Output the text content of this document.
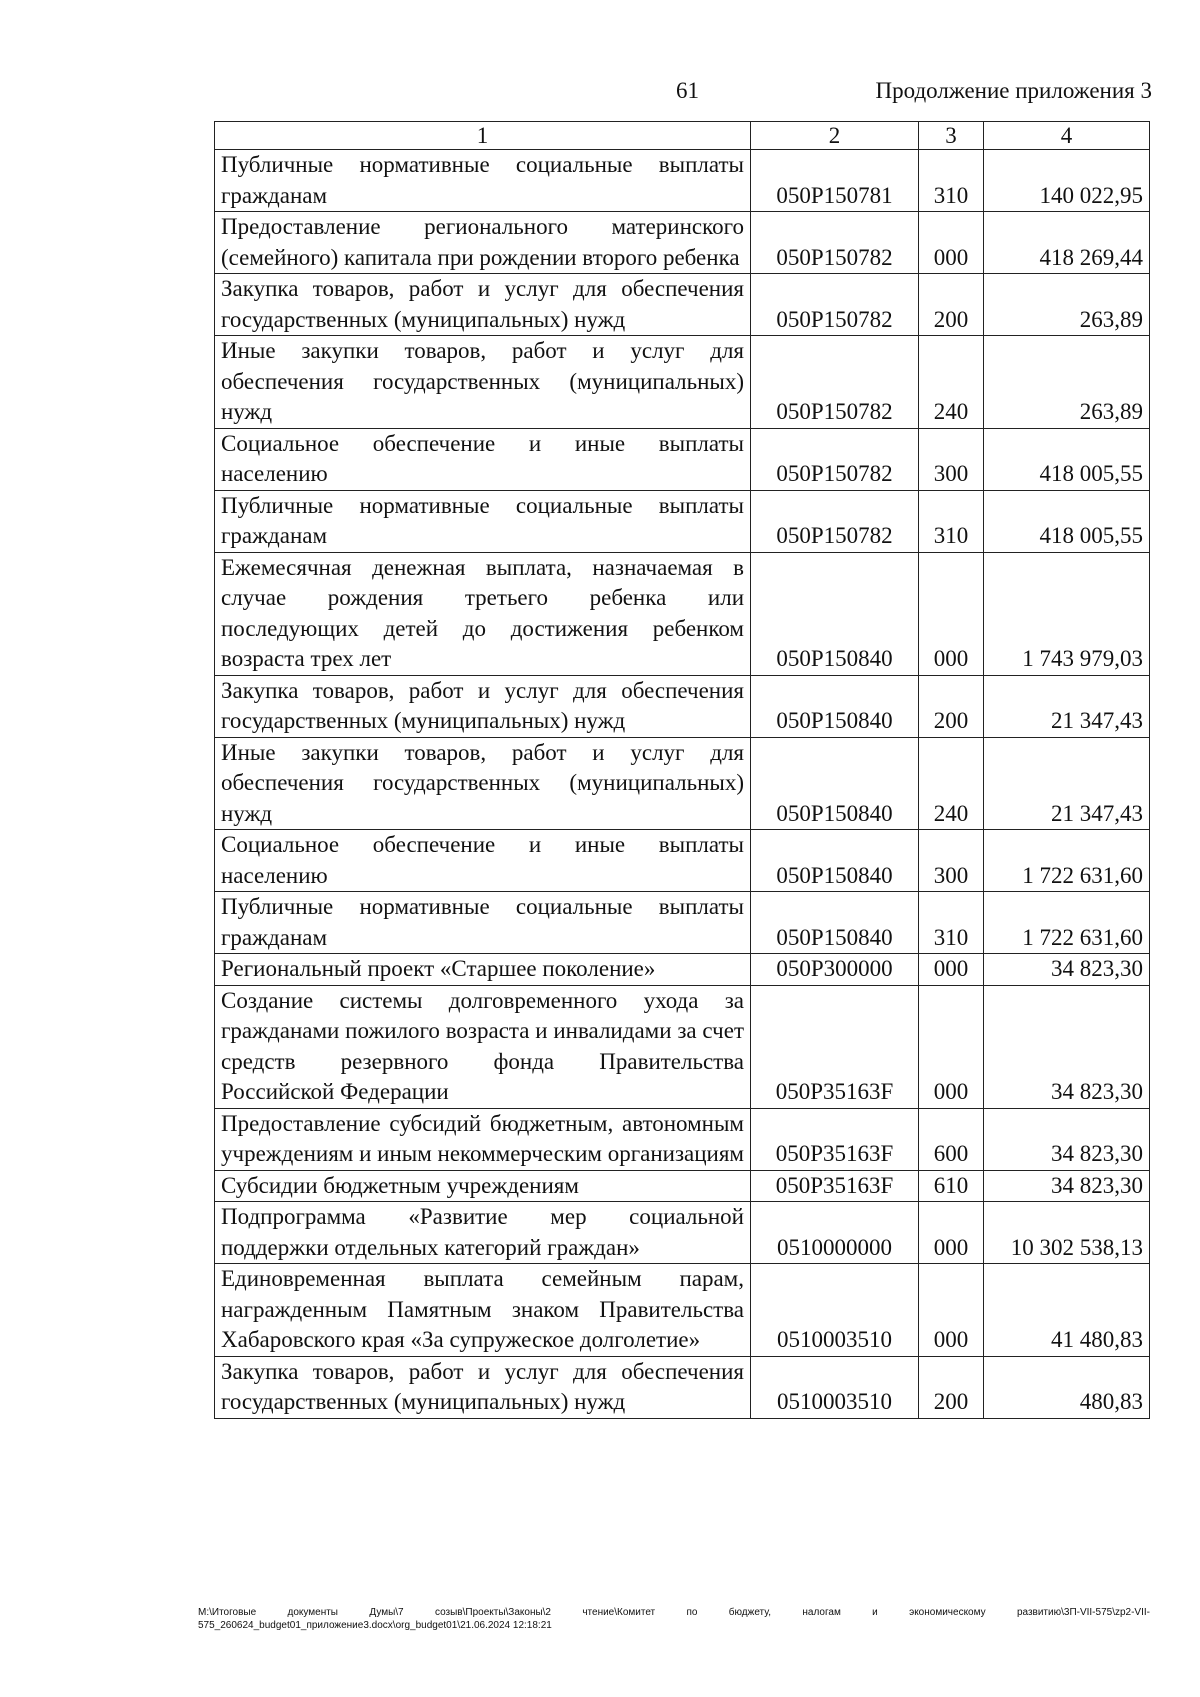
61	Продолжение приложения 3
1	2	3	4
Публичные нормативные социальные выплаты гражданам	050P150781	310	140 022,95
Предоставление регионального материнского (семейного) капитала при рождении второго ребенка	050P150782	000	418 269,44
Закупка товаров, работ и услуг для обеспечения государственных (муниципальных) нужд	050P150782	200	263,89
Иные закупки товаров, работ и услуг для обеспечения государственных (муниципальных) нужд	050P150782	240	263,89
Социальное обеспечение и иные выплаты населению	050P150782	300	418 005,55
Публичные нормативные социальные выплаты гражданам	050P150782	310	418 005,55
Ежемесячная денежная выплата, назначаемая в случае рождения третьего ребенка или последующих детей до достижения ребенком возраста трех лет	050P150840	000	1 743 979,03
Закупка товаров, работ и услуг для обеспечения государственных (муниципальных) нужд	050P150840	200	21 347,43
Иные закупки товаров, работ и услуг для обеспечения государственных (муниципальных) нужд	050P150840	240	21 347,43
Социальное обеспечение и иные выплаты населению	050P150840	300	1 722 631,60
Публичные нормативные социальные выплаты гражданам	050P150840	310	1 722 631,60
Региональный проект «Старшее поколение»	050P300000	000	34 823,30
Создание системы долговременного ухода за гражданами пожилого возраста и инвалидами за счет средств резервного фонда Правительства Российской Федерации	050P35163F	000	34 823,30
Предоставление субсидий бюджетным, автономным учреждениям и иным некоммерческим организациям	050P35163F	600	34 823,30
Субсидии бюджетным учреждениям	050P35163F	610	34 823,30
Подпрограмма «Развитие мер социальной поддержки отдельных категорий граждан»	0510000000	000	10 302 538,13
Единовременная выплата семейным парам, награжденным Памятным знаком Правительства Хабаровского края «За супружеское долголетие»	0510003510	000	41 480,83
Закупка товаров, работ и услуг для обеспечения государственных (муниципальных) нужд	0510003510	200	480,83
M:\Итоговые документы Думы\7 созыв\Проекты\Законы\2 чтение\Комитет по бюджету, налогам и экономическому развитию\3П-VII-575\zp2-VII-575_260624_budget01_приложение3.docx\org_budget01\21.06.2024 12:18:21
